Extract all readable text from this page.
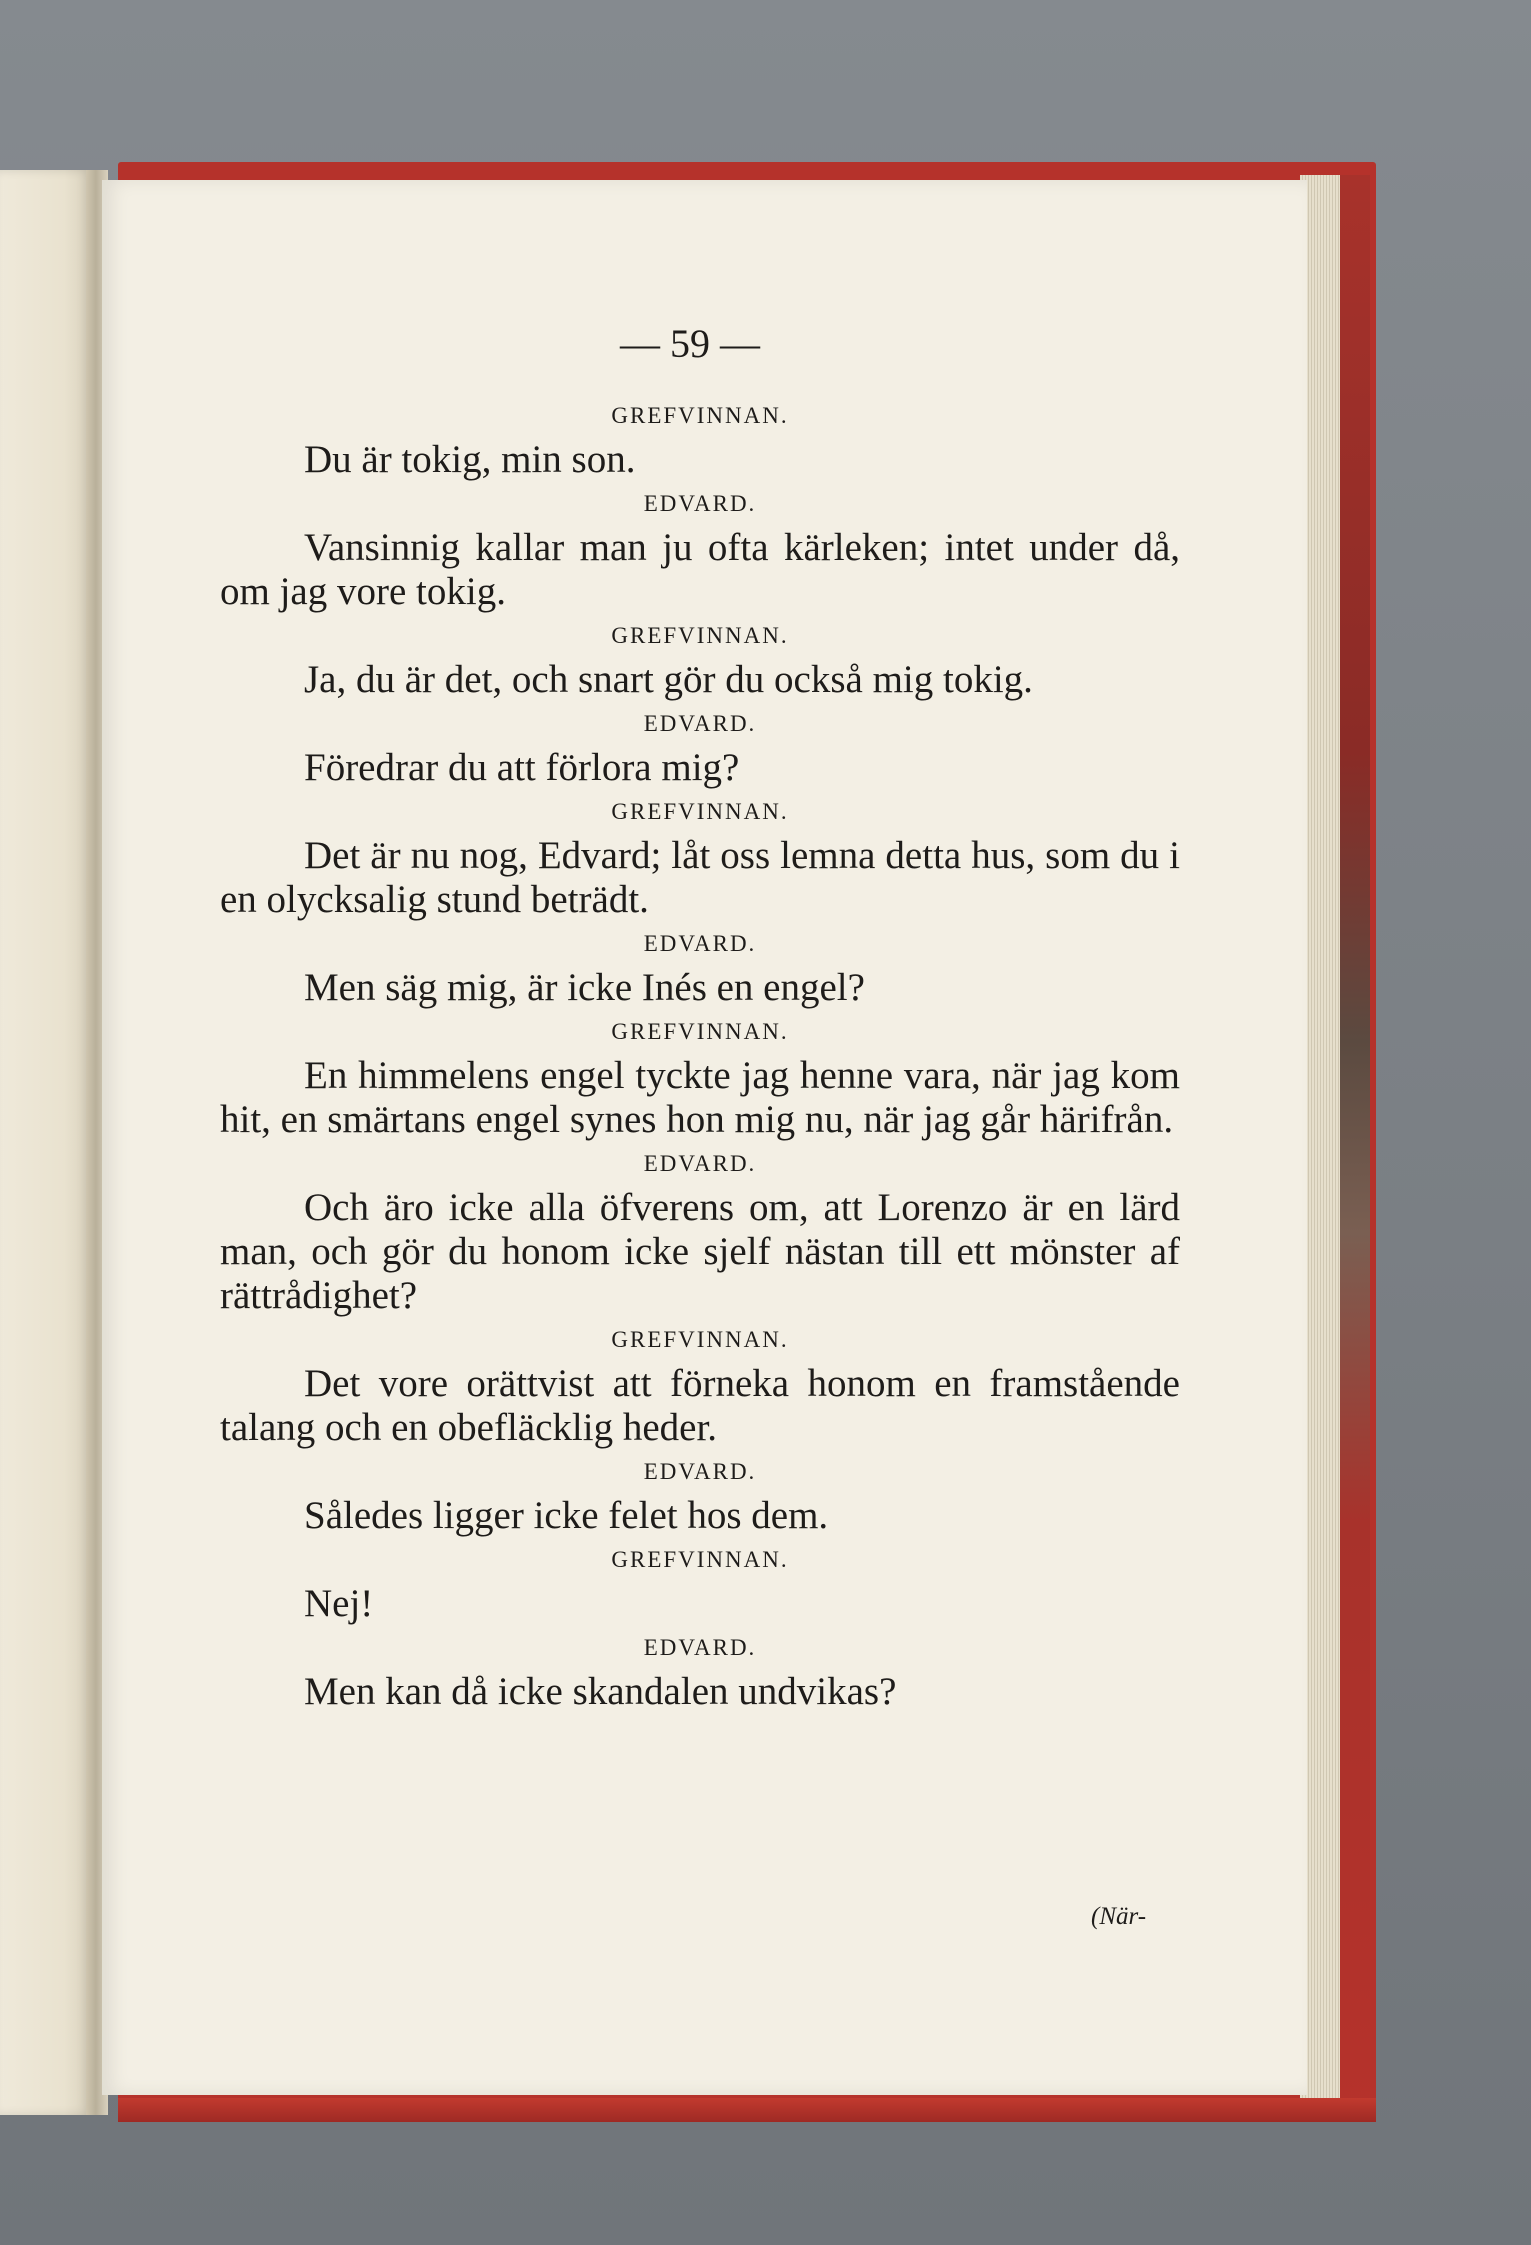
— 59 —
GREFVINNAN.

Du är tokig, min son.

EDVARD.

Vansinnig kallar man ju ofta kärleken; intet under då, om jag vore tokig.

GREFVINNAN.

Ja, du är det, och snart gör du också mig tokig.

EDVARD.

Föredrar du att förlora mig?

GREFVINNAN.

Det är nu nog, Edvard; låt oss lemna detta hus, som du i en olycksalig stund beträdt.

EDVARD.

Men säg mig, är icke Inés en engel?

GREFVINNAN.

En himmelens engel tyckte jag henne vara, när jag kom hit, en smärtans engel synes hon mig nu, när jag går härifrån.

EDVARD.

Och äro icke alla öfverens om, att Lorenzo är en lärd man, och gör du honom icke sjelf nästan till ett mönster af rättrådighet?

GREFVINNAN.

Det vore orättvist att förneka honom en framstående talang och en obefläcklig heder.

EDVARD.

Således ligger icke felet hos dem.

GREFVINNAN.

Nej!

EDVARD.

Men kan då icke skandalen undvikas?

(När-
